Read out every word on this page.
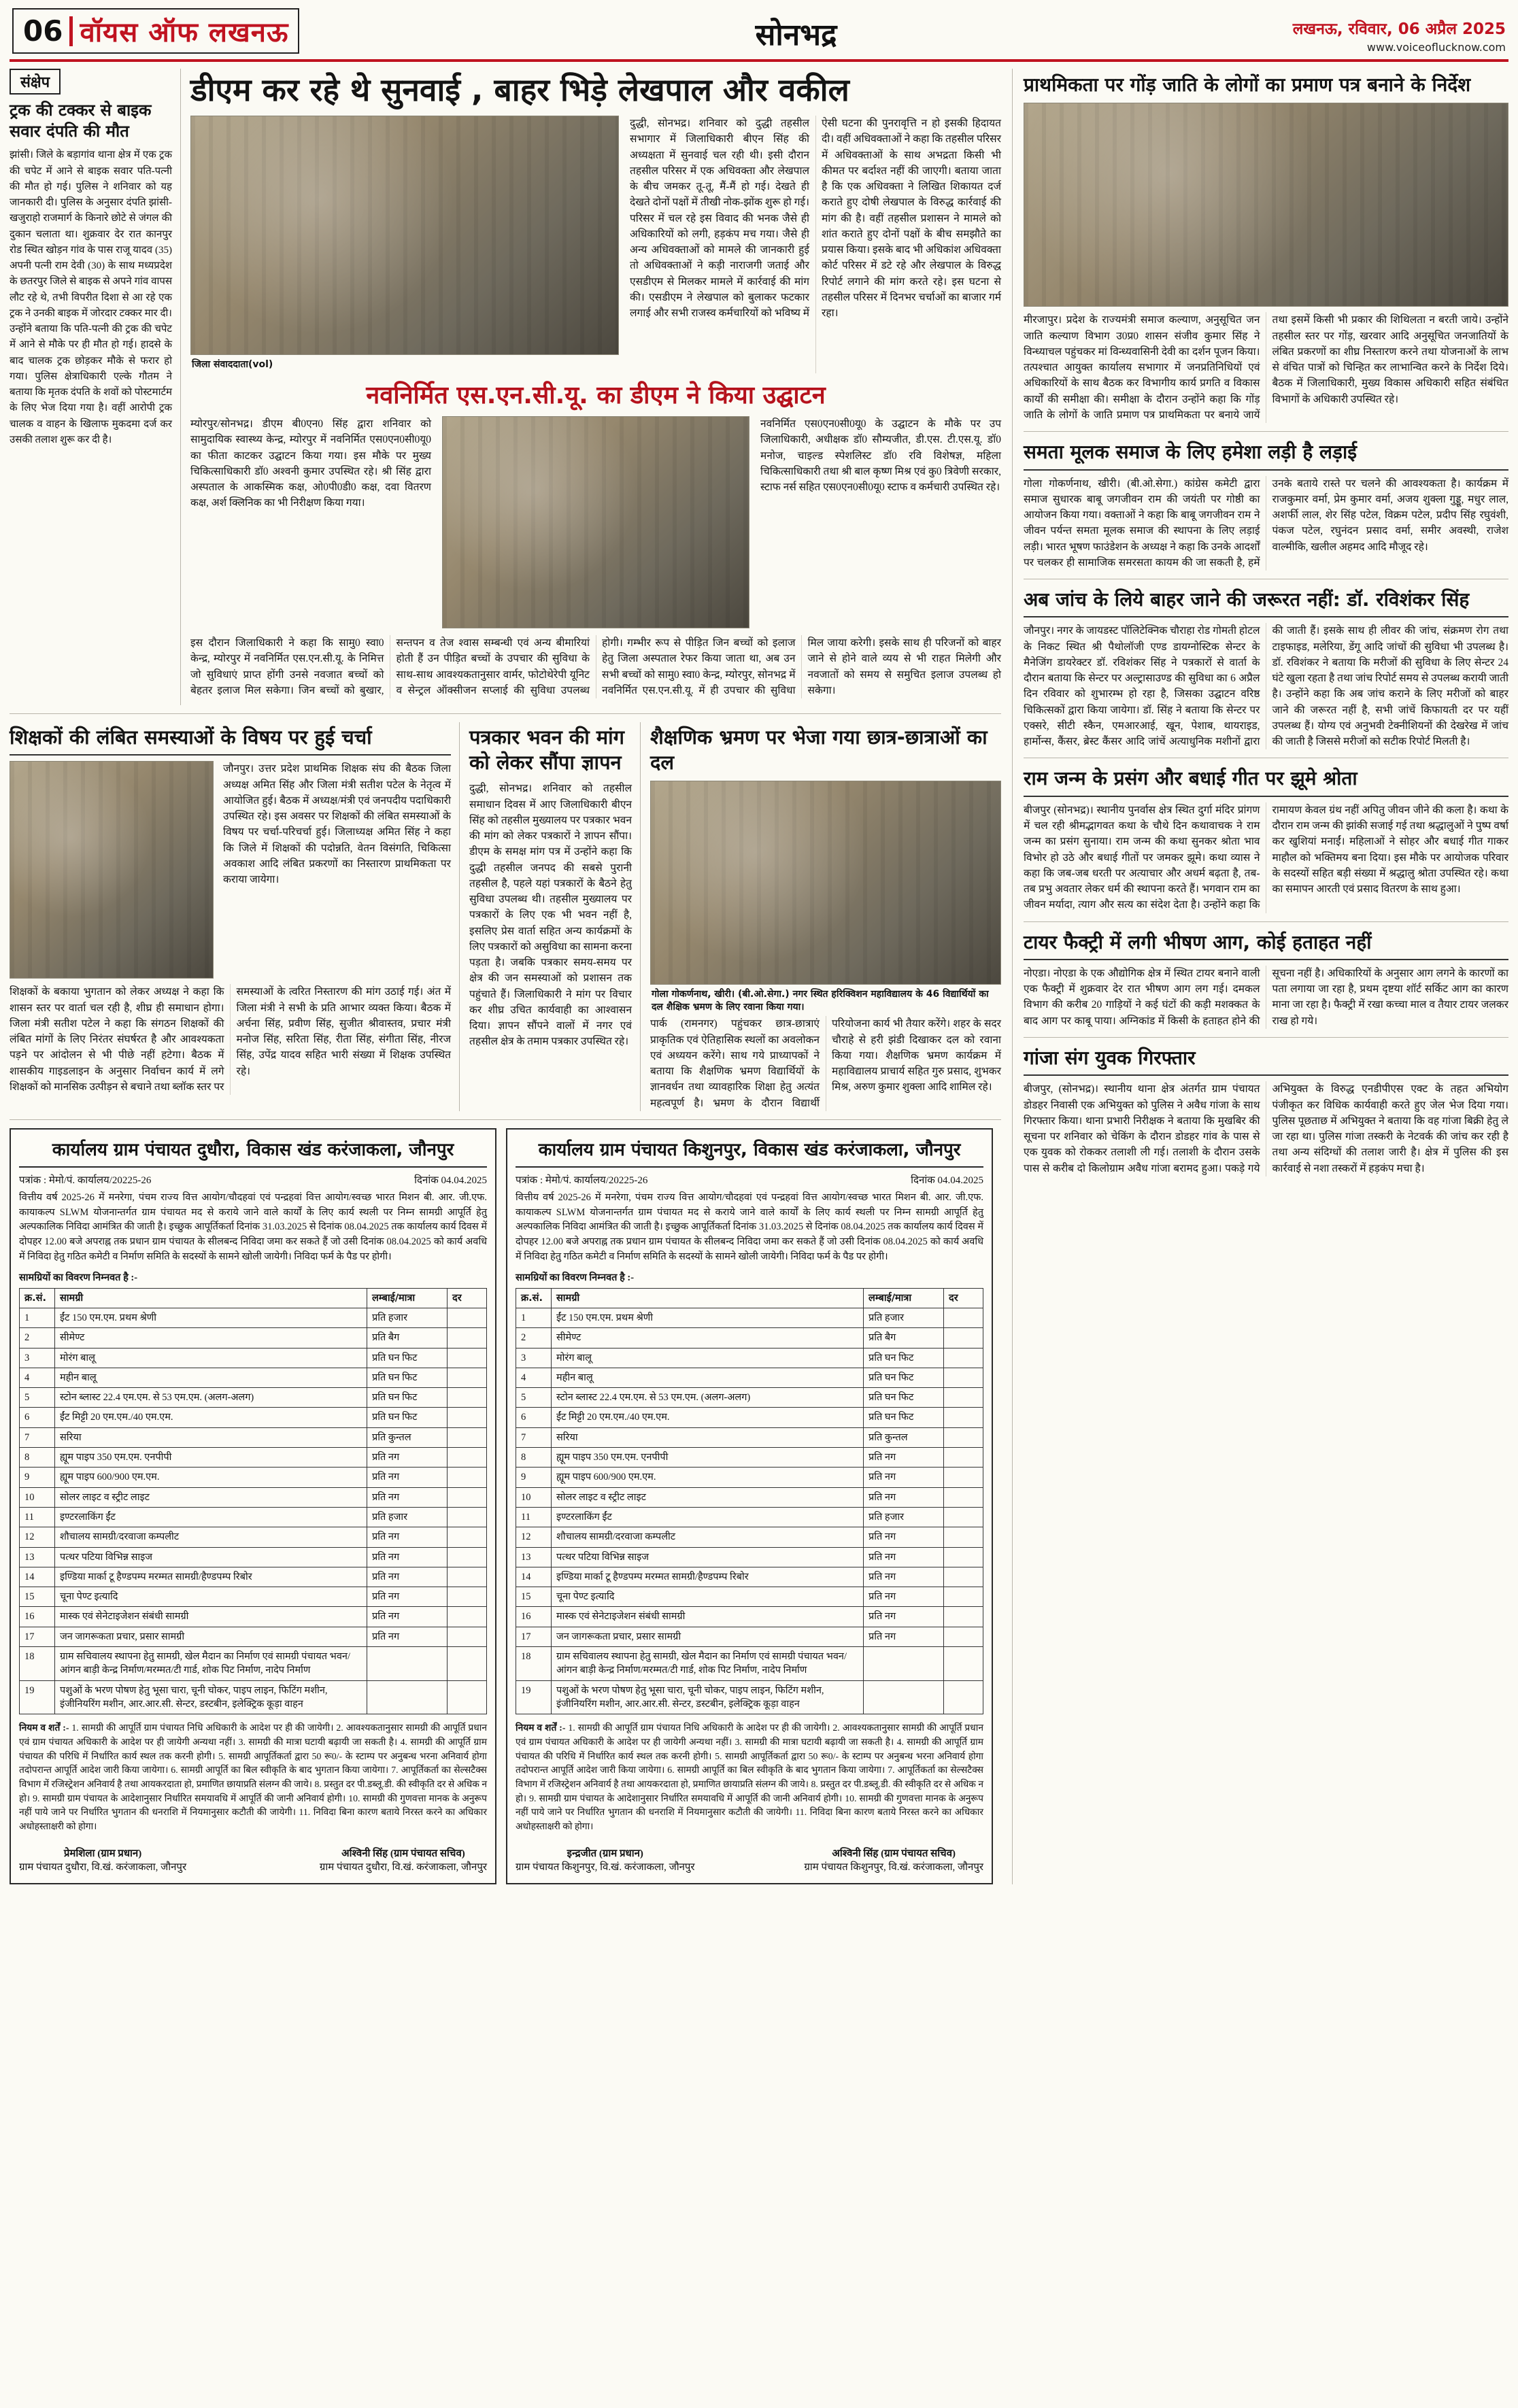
06 वॉयस ऑफ लखनऊ	सोनभद्र	लखनऊ, रविवार, 06 अप्रैल 2025
www.voiceoflucknow.com
संक्षेप
ट्रक की टक्कर से बाइक सवार दंपति की मौत

झांसी। जिले के बड़ागांव थाना क्षेत्र में एक ट्रक की चपेट में आने से बाइक सवार पति-पत्नी की मौत हो गई। पुलिस ने शनिवार को यह जानकारी दी। पुलिस के अनुसार दंपति झांसी-खजुराहो राजमार्ग के किनारे छोटे से जंगल की दुकान चलाता था। शुक्रवार देर रात कानपुर रोड स्थित खोड़न गांव के पास राजू यादव (35) अपनी पत्नी राम देवी (30) के साथ मध्यप्रदेश के छतरपुर जिले से बाइक से अपने गांव वापस लौट रहे थे, तभी विपरीत दिशा से आ रहे एक ट्रक ने उनकी बाइक में जोरदार टक्कर मार दी। उन्होंने बताया कि पति-पत्नी की ट्रक की चपेट में आने से मौके पर ही मौत हो गई। हादसे के बाद चालक ट्रक छोड़कर मौके से फरार हो गया। पुलिस क्षेत्राधिकारी एल्के गौतम ने बताया कि मृतक दंपति के शवों को पोस्टमार्टम के लिए भेज दिया गया है। वहीं आरोपी ट्रक चालक व वाहन के खिलाफ मुकदमा दर्ज कर उसकी तलाश शुरू कर दी है।

डीएम कर रहे थे सुनवाई , बाहर भिड़े लेखपाल और वकील
जिला संवाददाता(vol)
दुद्धी, सोनभद्र। शनिवार को दुद्धी तहसील सभागार में जिलाधिकारी बीएन सिंह की अध्यक्षता में सुनवाई चल रही थी। इसी दौरान तहसील परिसर में एक अधिवक्ता और लेखपाल के बीच जमकर तू-तू, मैं-मैं हो गई। देखते ही देखते दोनों पक्षों में तीखी नोक-झोंक शुरू हो गई। परिसर में चल रहे इस विवाद की भनक जैसे ही अधिकारियों को लगी, हड़कंप मच गया। जैसे ही अन्य अधिवक्ताओं को मामले की जानकारी हुई तो अधिवक्ताओं ने कड़ी नाराजगी जताई और एसडीएम से मिलकर मामले में कार्रवाई की मांग की। एसडीएम ने लेखपाल को बुलाकर फटकार लगाई और सभी राजस्व कर्मचारियों को भविष्य में ऐसी घटना की पुनरावृत्ति न हो इसकी हिदायत दी। वहीं अधिवक्ताओं ने कहा कि तहसील परिसर में अधिवक्ताओं के साथ अभद्रता किसी भी कीमत पर बर्दाश्त नहीं की जाएगी। बताया जाता है कि एक अधिवक्ता ने लिखित शिकायत दर्ज कराते हुए दोषी लेखपाल के विरुद्ध कार्रवाई की मांग की है। वहीं तहसील प्रशासन ने मामले को शांत कराते हुए दोनों पक्षों के बीच समझौते का प्रयास किया। इसके बाद भी अधिकांश अधिवक्ता कोर्ट परिसर में डटे रहे और लेखपाल के विरुद्ध रिपोर्ट लगाने की मांग करते रहे। इस घटना से तहसील परिसर में दिनभर चर्चाओं का बाजार गर्म रहा।
नवनिर्मित एस.एन.सी.यू. का डीएम ने किया उद्घाटन
म्योरपुर/सोनभद्र। डीएम बी0एन0 सिंह द्वारा शनिवार को सामुदायिक स्वास्थ्य केन्द्र, म्योरपुर में नवनिर्मित एस0एन0सी0यू0 का फीता काटकर उद्घाटन किया गया। इस मौके पर मुख्य चिकित्साधिकारी डॉ0 अश्वनी कुमार उपस्थित रहे। श्री सिंह द्वारा अस्पताल के आकस्मिक कक्ष, ओ0पी0डी0 कक्ष, दवा वितरण कक्ष, अर्श क्लिनिक का भी निरीक्षण किया गया।
नवनिर्मित एस0एन0सी0यू0 के उद्घाटन के मौके पर उप जिलाधिकारी, अधीक्षक डॉ0 सौम्यजीत, डी.एस. टी.एस.यू. डॉ0 मनोज, चाइल्ड स्पेशलिस्ट डॉ0 रवि विशेषज्ञ, महिला चिकित्साधिकारी तथा श्री बाल कृष्ण मिश्र एवं कु0 त्रिवेणी सरकार, स्टाफ नर्स सहित एस0एन0सी0यू0 स्टाफ व कर्मचारी उपस्थित रहे।
इस दौरान जिलाधिकारी ने कहा कि सामु0 स्वा0 केन्द्र, म्योरपुर में नवनिर्मित एस.एन.सी.यू. के निमित्त जो सुविधाएं प्राप्त होंगी उनसे नवजात बच्चों को बेहतर इलाज मिल सकेगा। जिन बच्चों को बुखार, सन्तपन व तेज श्वास सम्बन्धी एवं अन्य बीमारियां होती हैं उन पीड़ित बच्चों के उपचार की सुविधा के साथ-साथ आवश्यकतानुसार वार्मर, फोटोथेरेपी यूनिट व सेन्ट्रल ऑक्सीजन सप्लाई की सुविधा उपलब्ध होगी। गम्भीर रूप से पीड़ित जिन बच्चों को इलाज हेतु जिला अस्पताल रेफर किया जाता था, अब उन सभी बच्चों को सामु0 स्वा0 केन्द्र, म्योरपुर, सोनभद्र में नवनिर्मित एस.एन.सी.यू. में ही उपचार की सुविधा मिल जाया करेगी। इसके साथ ही परिजनों को बाहर जाने से होने वाले व्यय से भी राहत मिलेगी और नवजातों को समय से समुचित इलाज उपलब्ध हो सकेगा।
शिक्षकों की लंबित समस्याओं के विषय पर हुई चर्चा
जौनपुर। उत्तर प्रदेश प्राथमिक शिक्षक संघ की बैठक जिला अध्यक्ष अमित सिंह और जिला मंत्री सतीश पटेल के नेतृत्व में आयोजित हुई। बैठक में अध्यक्ष/मंत्री एवं जनपदीय पदाधिकारी उपस्थित रहे। इस अवसर पर शिक्षकों की लंबित समस्याओं के विषय पर चर्चा-परिचर्चा हुई। जिलाध्यक्ष अमित सिंह ने कहा कि जिले में शिक्षकों की पदोन्नति, वेतन विसंगति, चिकित्सा अवकाश आदि लंबित प्रकरणों का निस्तारण प्राथमिकता पर कराया जायेगा।
शिक्षकों के बकाया भुगतान को लेकर अध्यक्ष ने कहा कि शासन स्तर पर वार्ता चल रही है, शीघ्र ही समाधान होगा। जिला मंत्री सतीश पटेल ने कहा कि संगठन शिक्षकों की लंबित मांगों के लिए निरंतर संघर्षरत है और आवश्यकता पड़ने पर आंदोलन से भी पीछे नहीं हटेगा। बैठक में शासकीय गाइडलाइन के अनुसार निर्वाचन कार्य में लगे शिक्षकों को मानसिक उत्पीड़न से बचाने तथा ब्लॉक स्तर पर समस्याओं के त्वरित निस्तारण की मांग उठाई गई। अंत में जिला मंत्री ने सभी के प्रति आभार व्यक्त किया। बैठक में अर्चना सिंह, प्रवीण सिंह, सुजीत श्रीवास्तव, प्रचार मंत्री मनोज सिंह, सरिता सिंह, रीता सिंह, संगीता सिंह, नीरज सिंह, उपेंद्र यादव सहित भारी संख्या में शिक्षक उपस्थित रहे।
पत्रकार भवन की मांग को लेकर सौंपा ज्ञापन
दुद्धी, सोनभद्र। शनिवार को तहसील समाधान दिवस में आए जिलाधिकारी बीएन सिंह को तहसील मुख्यालय पर पत्रकार भवन की मांग को लेकर पत्रकारों ने ज्ञापन सौंपा। डीएम के समक्ष मांग पत्र में उन्होंने कहा कि दुद्धी तहसील जनपद की सबसे पुरानी तहसील है, पहले यहां पत्रकारों के बैठने हेतु सुविधा उपलब्ध थी। तहसील मुख्यालय पर पत्रकारों के लिए एक भी भवन नहीं है, इसलिए प्रेस वार्ता सहित अन्य कार्यक्रमों के लिए पत्रकारों को असुविधा का सामना करना पड़ता है। जबकि पत्रकार समय-समय पर क्षेत्र की जन समस्याओं को प्रशासन तक पहुंचाते हैं। जिलाधिकारी ने मांग पर विचार कर शीघ्र उचित कार्यवाही का आश्वासन दिया। ज्ञापन सौंपने वालों में नगर एवं तहसील क्षेत्र के तमाम पत्रकार उपस्थित रहे।
शैक्षणिक भ्रमण पर भेजा गया छात्र-छात्राओं का दल
गोला गोकर्णनाथ, खीरी। (बी.ओ.सेगा.) नगर स्थित हरिक्विशन महाविद्यालय के 46 विद्यार्थियों का दल शैक्षिक भ्रमण के लिए रवाना किया गया।
पार्क (रामनगर) पहुंचकर छात्र-छात्राएं प्राकृतिक एवं ऐतिहासिक स्थलों का अवलोकन एवं अध्ययन करेंगे। साथ गये प्राध्यापकों ने बताया कि शैक्षणिक भ्रमण विद्यार्थियों के ज्ञानवर्धन तथा व्यावहारिक शिक्षा हेतु अत्यंत महत्वपूर्ण है। भ्रमण के दौरान विद्यार्थी परियोजना कार्य भी तैयार करेंगे। शहर के सदर चौराहे से हरी झंडी दिखाकर दल को रवाना किया गया। शैक्षणिक भ्रमण कार्यक्रम में महाविद्यालय प्राचार्य सहित गुरु प्रसाद, शुभकर मिश्र, अरुण कुमार शुक्ला आदि शामिल रहे।
कार्यालय ग्राम पंचायत दुधौरा, विकास खंड करंजाकला, जौनपुर
पत्रांक : मेमो/पं. कार्यालय/20225-26	दिनांक 04.04.2025

वित्तीय वर्ष 2025-26 में मनरेगा, पंचम राज्य वित्त आयोग/चौदहवां एवं पन्द्रहवां वित्त आयोग/स्वच्छ भारत मिशन बी. आर. जी.एफ. कायाकल्प SLWM योजनान्तर्गत ग्राम पंचायत मद से कराये जाने वाले कार्यों के लिए कार्य स्थली पर निम्न सामग्री आपूर्ति हेतु अल्पकालिक निविदा आमंत्रित की जाती है। इच्छुक आपूर्तिकर्ता दिनांक 31.03.2025 से दिनांक 08.04.2025 तक कार्यालय कार्य दिवस में दोपहर 12.00 बजे अपराह्न तक प्रधान ग्राम पंचायत के सीलबन्द निविदा जमा कर सकते हैं जो उसी दिनांक 08.04.2025 को कार्य अवधि में निविदा हेतु गठित कमेटी व निर्माण समिति के सदस्यों के सामने खोली जायेगी। निविदा फर्म के पैड पर होगी।

सामग्रियों का विवरण निम्नवत है :-

क्र.सं.	सामग्री	लम्बाई/मात्रा	दर
1	ईंट 150 एम.एम. प्रथम श्रेणी	प्रति हजार	
2	सीमेण्ट	प्रति बैग	
3	मोरंग बालू	प्रति घन फिट	
4	महीन बालू	प्रति घन फिट	
5	स्टोन ब्लास्ट 22.4 एम.एम. से 53 एम.एम. (अलग-अलग)	प्रति घन फिट	
6	ईंट मिट्टी 20 एम.एम./40 एम.एम.	प्रति घन फिट	
7	सरिया	प्रति कुन्तल	
8	ह्यूम पाइप 350 एम.एम. एनपीपी	प्रति नग	
9	ह्यूम पाइप 600/900 एम.एम.	प्रति नग	
10	सोलर लाइट व स्ट्रीट लाइट	प्रति नग	
11	इण्टरलाकिंग ईंट	प्रति हजार	
12	शौचालय सामग्री/दरवाजा कम्पलीट	प्रति नग	
13	पत्थर पटिया विभिन्न साइज	प्रति नग	
14	इण्डिया मार्का टू हैण्डपम्प मरम्मत सामग्री/हैण्डपम्प रिबोर	प्रति नग	
15	चूना पेण्ट इत्यादि	प्रति नग	
16	मास्क एवं सेनेटाइजेशन संबंधी सामग्री	प्रति नग	
17	जन जागरूकता प्रचार, प्रसार सामग्री	प्रति नग	
18	ग्राम सचिवालय स्थापना हेतु सामग्री, खेल मैदान का निर्माण एवं सामग्री पंचायत भवन/आंगन बाड़ी केन्द्र निर्माण/मरम्मत/टी गार्ड, शोक पिट निर्माण, नादेप निर्माण		
19	पशुओं के भरण पोषण हेतु भूसा चारा, चूनी चोकर, पाइप लाइन, फिटिंग मशीन, इंजीनियरिंग मशीन, आर.आर.सी. सेन्टर, डस्टबीन, इलेक्ट्रिक कूड़ा वाहन		

नियम व शर्तें :- 1. सामग्री की आपूर्ति ग्राम पंचायत निधि अधिकारी के आदेश पर ही की जायेगी। 2. आवश्यकतानुसार सामग्री की आपूर्ति प्रधान एवं ग्राम पंचायत अधिकारी के आदेश पर ही जायेगी अन्यथा नहीं। 3. सामग्री की मात्रा घटायी बढ़ायी जा सकती है। 4. सामग्री की आपूर्ति ग्राम पंचायत की परिधि में निर्धारित कार्य स्थल तक करनी होगी। 5. सामग्री आपूर्तिकर्ता द्वारा 50 रू0/- के स्टाम्प पर अनुबन्ध भरना अनिवार्य होगा तदोपरान्त आपूर्ति आदेश जारी किया जायेगा। 6. सामग्री आपूर्ति का बिल स्वीकृति के बाद भुगतान किया जायेगा। 7. आपूर्तिकर्ता का सेल्सटैक्स विभाग में रजिस्ट्रेशन अनिवार्य है तथा आयकरदाता हो, प्रमाणित छायाप्रति संलग्न की जाये। 8. प्रस्तुत दर पी.डब्लू.डी. की स्वीकृति दर से अधिक न हो। 9. सामग्री ग्राम पंचायत के आदेशानुसार निर्धारित समयावधि में आपूर्ति की जानी अनिवार्य होगी। 10. सामग्री की गुणवत्ता मानक के अनुरूप नहीं पाये जाने पर निर्धारित भुगतान की धनराशि में नियमानुसार कटौती की जायेगी। 11. निविदा बिना कारण बताये निरस्त करने का अधिकार अधोहस्ताक्षरी को होगा।

प्रेमशिला (ग्राम प्रधान)
ग्राम पंचायत दुधौरा, वि.खं. करंजाकला, जौनपुर
अश्विनी सिंह (ग्राम पंचायत सचिव)
ग्राम पंचायत दुधौरा, वि.खं. करंजाकला, जौनपुर
कार्यालय ग्राम पंचायत किशुनपुर, विकास खंड करंजाकला, जौनपुर
पत्रांक : मेमो/पं. कार्यालय/20225-26	दिनांक 04.04.2025

वित्तीय वर्ष 2025-26 में मनरेगा, पंचम राज्य वित्त आयोग/चौदहवां एवं पन्द्रहवां वित्त आयोग/स्वच्छ भारत मिशन बी. आर. जी.एफ. कायाकल्प SLWM योजनान्तर्गत ग्राम पंचायत मद से कराये जाने वाले कार्यों के लिए कार्य स्थली पर निम्न सामग्री आपूर्ति हेतु अल्पकालिक निविदा आमंत्रित की जाती है। इच्छुक आपूर्तिकर्ता दिनांक 31.03.2025 से दिनांक 08.04.2025 तक कार्यालय कार्य दिवस में दोपहर 12.00 बजे अपराह्न तक प्रधान ग्राम पंचायत के सीलबन्द निविदा जमा कर सकते हैं जो उसी दिनांक 08.04.2025 को कार्य अवधि में निविदा हेतु गठित कमेटी व निर्माण समिति के सदस्यों के सामने खोली जायेगी। निविदा फर्म के पैड पर होगी।

सामग्रियों का विवरण निम्नवत है :-

क्र.सं.	सामग्री	लम्बाई/मात्रा	दर
1	ईंट 150 एम.एम. प्रथम श्रेणी	प्रति हजार	
2	सीमेण्ट	प्रति बैग	
3	मोरंग बालू	प्रति घन फिट	
4	महीन बालू	प्रति घन फिट	
5	स्टोन ब्लास्ट 22.4 एम.एम. से 53 एम.एम. (अलग-अलग)	प्रति घन फिट	
6	ईंट मिट्टी 20 एम.एम./40 एम.एम.	प्रति घन फिट	
7	सरिया	प्रति कुन्तल	
8	ह्यूम पाइप 350 एम.एम. एनपीपी	प्रति नग	
9	ह्यूम पाइप 600/900 एम.एम.	प्रति नग	
10	सोलर लाइट व स्ट्रीट लाइट	प्रति नग	
11	इण्टरलाकिंग ईंट	प्रति हजार	
12	शौचालय सामग्री/दरवाजा कम्पलीट	प्रति नग	
13	पत्थर पटिया विभिन्न साइज	प्रति नग	
14	इण्डिया मार्का टू हैण्डपम्प मरम्मत सामग्री/हैण्डपम्प रिबोर	प्रति नग	
15	चूना पेण्ट इत्यादि	प्रति नग	
16	मास्क एवं सेनेटाइजेशन संबंधी सामग्री	प्रति नग	
17	जन जागरूकता प्रचार, प्रसार सामग्री	प्रति नग	
18	ग्राम सचिवालय स्थापना हेतु सामग्री, खेल मैदान का निर्माण एवं सामग्री पंचायत भवन/आंगन बाड़ी केन्द्र निर्माण/मरम्मत/टी गार्ड, शोक पिट निर्माण, नादेप निर्माण		
19	पशुओं के भरण पोषण हेतु भूसा चारा, चूनी चोकर, पाइप लाइन, फिटिंग मशीन, इंजीनियरिंग मशीन, आर.आर.सी. सेन्टर, डस्टबीन, इलेक्ट्रिक कूड़ा वाहन		

नियम व शर्तें :- 1. सामग्री की आपूर्ति ग्राम पंचायत निधि अधिकारी के आदेश पर ही की जायेगी। 2. आवश्यकतानुसार सामग्री की आपूर्ति प्रधान एवं ग्राम पंचायत अधिकारी के आदेश पर ही जायेगी अन्यथा नहीं। 3. सामग्री की मात्रा घटायी बढ़ायी जा सकती है। 4. सामग्री की आपूर्ति ग्राम पंचायत की परिधि में निर्धारित कार्य स्थल तक करनी होगी। 5. सामग्री आपूर्तिकर्ता द्वारा 50 रू0/- के स्टाम्प पर अनुबन्ध भरना अनिवार्य होगा तदोपरान्त आपूर्ति आदेश जारी किया जायेगा। 6. सामग्री आपूर्ति का बिल स्वीकृति के बाद भुगतान किया जायेगा। 7. आपूर्तिकर्ता का सेल्सटैक्स विभाग में रजिस्ट्रेशन अनिवार्य है तथा आयकरदाता हो, प्रमाणित छायाप्रति संलग्न की जाये। 8. प्रस्तुत दर पी.डब्लू.डी. की स्वीकृति दर से अधिक न हो। 9. सामग्री ग्राम पंचायत के आदेशानुसार निर्धारित समयावधि में आपूर्ति की जानी अनिवार्य होगी। 10. सामग्री की गुणवत्ता मानक के अनुरूप नहीं पाये जाने पर निर्धारित भुगतान की धनराशि में नियमानुसार कटौती की जायेगी। 11. निविदा बिना कारण बताये निरस्त करने का अधिकार अधोहस्ताक्षरी को होगा।

इन्द्रजीत (ग्राम प्रधान)
ग्राम पंचायत किशुनपुर, वि.खं. करंजाकला, जौनपुर
अश्विनी सिंह (ग्राम पंचायत सचिव)
ग्राम पंचायत किशुनपुर, वि.खं. करंजाकला, जौनपुर
प्राथमिकता पर गोंड़ जाति के लोगों का प्रमाण पत्र बनाने के निर्देश
मीरजापुर। प्रदेश के राज्यमंत्री समाज कल्याण, अनुसूचित जन जाति कल्याण विभाग उ0प्र0 शासन संजीव कुमार सिंह ने विन्ध्याचल पहुंचकर मां विन्ध्यवासिनी देवी का दर्शन पूजन किया। तत्पश्चात आयुक्त कार्यालय सभागार में जनप्रतिनिधियों एवं अधिकारियों के साथ बैठक कर विभागीय कार्य प्रगति व विकास कार्यों की समीक्षा की। समीक्षा के दौरान उन्होंने कहा कि गोंड़ जाति के लोगों के जाति प्रमाण पत्र प्राथमिकता पर बनाये जायें तथा इसमें किसी भी प्रकार की शिथिलता न बरती जाये। उन्होंने तहसील स्तर पर गोंड़, खरवार आदि अनुसूचित जनजातियों के लंबित प्रकरणों का शीघ्र निस्तारण करने तथा योजनाओं के लाभ से वंचित पात्रों को चिन्हित कर लाभान्वित करने के निर्देश दिये। बैठक में जिलाधिकारी, मुख्य विकास अधिकारी सहित संबंधित विभागों के अधिकारी उपस्थित रहे।
समता मूलक समाज के लिए हमेशा लड़ी है लड़ाई
गोला गोकर्णनाथ, खीरी। (बी.ओ.सेगा.) कांग्रेस कमेटी द्वारा समाज सुधारक बाबू जगजीवन राम की जयंती पर गोष्ठी का आयोजन किया गया। वक्ताओं ने कहा कि बाबू जगजीवन राम ने जीवन पर्यन्त समता मूलक समाज की स्थापना के लिए लड़ाई लड़ी। भारत भूषण फाउंडेशन के अध्यक्ष ने कहा कि उनके आदर्शों पर चलकर ही सामाजिक समरसता कायम की जा सकती है, हमें उनके बताये रास्ते पर चलने की आवश्यकता है। कार्यक्रम में राजकुमार वर्मा, प्रेम कुमार वर्मा, अजय शुक्ला गुड्डू, मधुर लाल, अशर्फी लाल, शेर सिंह पटेल, विक्रम पटेल, प्रदीप सिंह रघुवंशी, पंकज पटेल, रघुनंदन प्रसाद वर्मा, समीर अवस्थी, राजेश वाल्मीकि, खलील अहमद आदि मौजूद रहे।
अब जांच के लिये बाहर जाने की जरूरत नहीं: डॉ. रविशंकर सिंह
जौनपुर। नगर के जायडस्ट पॉलिटेक्निक चौराहा रोड गोमती होटल के निकट स्थित श्री पैथोलॉजी एण्ड डायग्नोस्टिक सेन्टर के मैनेजिंग डायरेक्टर डॉ. रविशंकर सिंह ने पत्रकारों से वार्ता के दौरान बताया कि सेन्टर पर अल्ट्रासाउण्ड की सुविधा का 6 अप्रैल दिन रविवार को शुभारम्भ हो रहा है, जिसका उद्घाटन वरिष्ठ चिकित्सकों द्वारा किया जायेगा। डॉ. सिंह ने बताया कि सेन्टर पर एक्सरे, सीटी स्कैन, एमआरआई, खून, पेशाब, थायराइड, हार्मोन्स, कैंसर, ब्रेस्ट कैंसर आदि जांचें अत्याधुनिक मशीनों द्वारा की जाती हैं। इसके साथ ही लीवर की जांच, संक्रमण रोग तथा टाइफाइड, मलेरिया, डेंगू आदि जांचों की सुविधा भी उपलब्ध है। डॉ. रविशंकर ने बताया कि मरीजों की सुविधा के लिए सेन्टर 24 घंटे खुला रहता है तथा जांच रिपोर्ट समय से उपलब्ध करायी जाती है। उन्होंने कहा कि अब जांच कराने के लिए मरीजों को बाहर जाने की जरूरत नहीं है, सभी जांचें किफायती दर पर यहीं उपलब्ध हैं। योग्य एवं अनुभवी टेक्नीशियनों की देखरेख में जांच की जाती है जिससे मरीजों को सटीक रिपोर्ट मिलती है।
राम जन्म के प्रसंग और बधाई गीत पर झूमे श्रोता
बीजपुर (सोनभद्र)। स्थानीय पुनर्वास क्षेत्र स्थित दुर्गा मंदिर प्रांगण में चल रही श्रीमद्भागवत कथा के चौथे दिन कथावाचक ने राम जन्म का प्रसंग सुनाया। राम जन्म की कथा सुनकर श्रोता भाव विभोर हो उठे और बधाई गीतों पर जमकर झूमे। कथा व्यास ने कहा कि जब-जब धरती पर अत्याचार और अधर्म बढ़ता है, तब-तब प्रभु अवतार लेकर धर्म की स्थापना करते हैं। भगवान राम का जीवन मर्यादा, त्याग और सत्य का संदेश देता है। उन्होंने कहा कि रामायण केवल ग्रंथ नहीं अपितु जीवन जीने की कला है। कथा के दौरान राम जन्म की झांकी सजाई गई तथा श्रद्धालुओं ने पुष्प वर्षा कर खुशियां मनाईं। महिलाओं ने सोहर और बधाई गीत गाकर माहौल को भक्तिमय बना दिया। इस मौके पर आयोजक परिवार के सदस्यों सहित बड़ी संख्या में श्रद्धालु श्रोता उपस्थित रहे। कथा का समापन आरती एवं प्रसाद वितरण के साथ हुआ।
टायर फैक्ट्री में लगी भीषण आग, कोई हताहत नहीं
नोएडा। नोएडा के एक औद्योगिक क्षेत्र में स्थित टायर बनाने वाली एक फैक्ट्री में शुक्रवार देर रात भीषण आग लग गई। दमकल विभाग की करीब 20 गाड़ियों ने कई घंटों की कड़ी मशक्कत के बाद आग पर काबू पाया। अग्निकांड में किसी के हताहत होने की सूचना नहीं है। अधिकारियों के अनुसार आग लगने के कारणों का पता लगाया जा रहा है, प्रथम दृष्टया शॉर्ट सर्किट आग का कारण माना जा रहा है। फैक्ट्री में रखा कच्चा माल व तैयार टायर जलकर राख हो गये।
गांजा संग युवक गिरफ्तार
बीजपुर, (सोनभद्र)। स्थानीय थाना क्षेत्र अंतर्गत ग्राम पंचायत डोडहर निवासी एक अभियुक्त को पुलिस ने अवैध गांजा के साथ गिरफ्तार किया। थाना प्रभारी निरीक्षक ने बताया कि मुखबिर की सूचना पर शनिवार को चेकिंग के दौरान डोडहर गांव के पास से एक युवक को रोककर तलाशी ली गई। तलाशी के दौरान उसके पास से करीब दो किलोग्राम अवैध गांजा बरामद हुआ। पकड़े गये अभियुक्त के विरुद्ध एनडीपीएस एक्ट के तहत अभियोग पंजीकृत कर विधिक कार्यवाही करते हुए जेल भेज दिया गया। पुलिस पूछताछ में अभियुक्त ने बताया कि वह गांजा बिक्री हेतु ले जा रहा था। पुलिस गांजा तस्करी के नेटवर्क की जांच कर रही है तथा अन्य संदिग्धों की तलाश जारी है। क्षेत्र में पुलिस की इस कार्रवाई से नशा तस्करों में हड़कंप मचा है।
